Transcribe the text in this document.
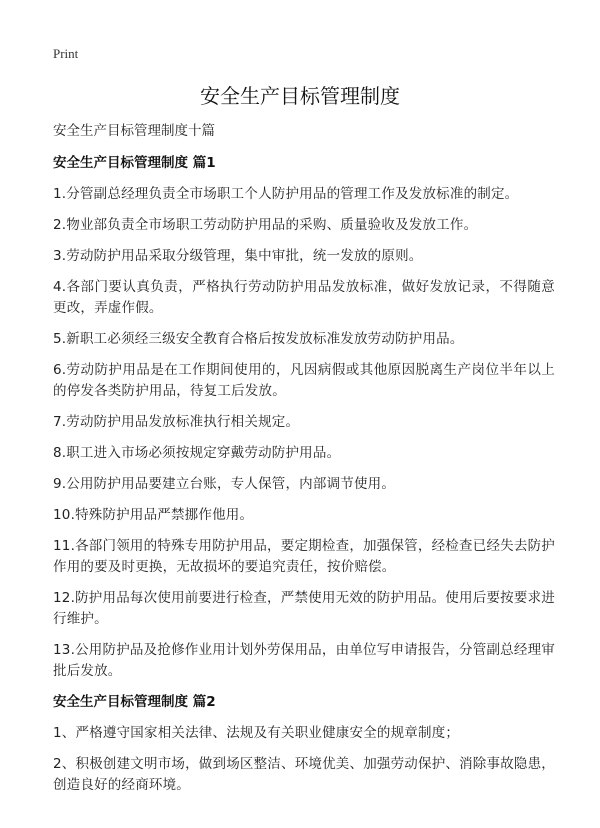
Print
安全生产目标管理制度

安全生产目标管理制度十篇

安全生产目标管理制度 篇1

1.分管副总经理负责全市场职工个人防护用品的管理工作及发放标准的制定。

2.物业部负责全市场职工劳动防护用品的采购、质量验收及发放工作。

3.劳动防护用品采取分级管理，集中审批，统一发放的原则。

4.各部门要认真负责，严格执行劳动防护用品发放标准，做好发放记录，不得随意更改，弄虚作假。

5.新职工必须经三级安全教育合格后按发放标准发放劳动防护用品。

6.劳动防护用品是在工作期间使用的，凡因病假或其他原因脱离生产岗位半年以上的停发各类防护用品，待复工后发放。

7.劳动防护用品发放标准执行相关规定。

8.职工进入市场必须按规定穿戴劳动防护用品。

9.公用防护用品要建立台账，专人保管，内部调节使用。

10.特殊防护用品严禁挪作他用。

11.各部门领用的特殊专用防护用品，要定期检查，加强保管，经检查已经失去防护作用的要及时更换，无故损坏的要追究责任，按价赔偿。

12.防护用品每次使用前要进行检查，严禁使用无效的防护用品。使用后要按要求进行维护。

13.公用防护品及抢修作业用计划外劳保用品，由单位写申请报告，分管副总经理审批后发放。

安全生产目标管理制度 篇2

1、严格遵守国家相关法律、法规及有关职业健康安全的规章制度；

2、积极创建文明市场，做到场区整洁、环境优美、加强劳动保护、消除事故隐患，创造良好的经商环境。
